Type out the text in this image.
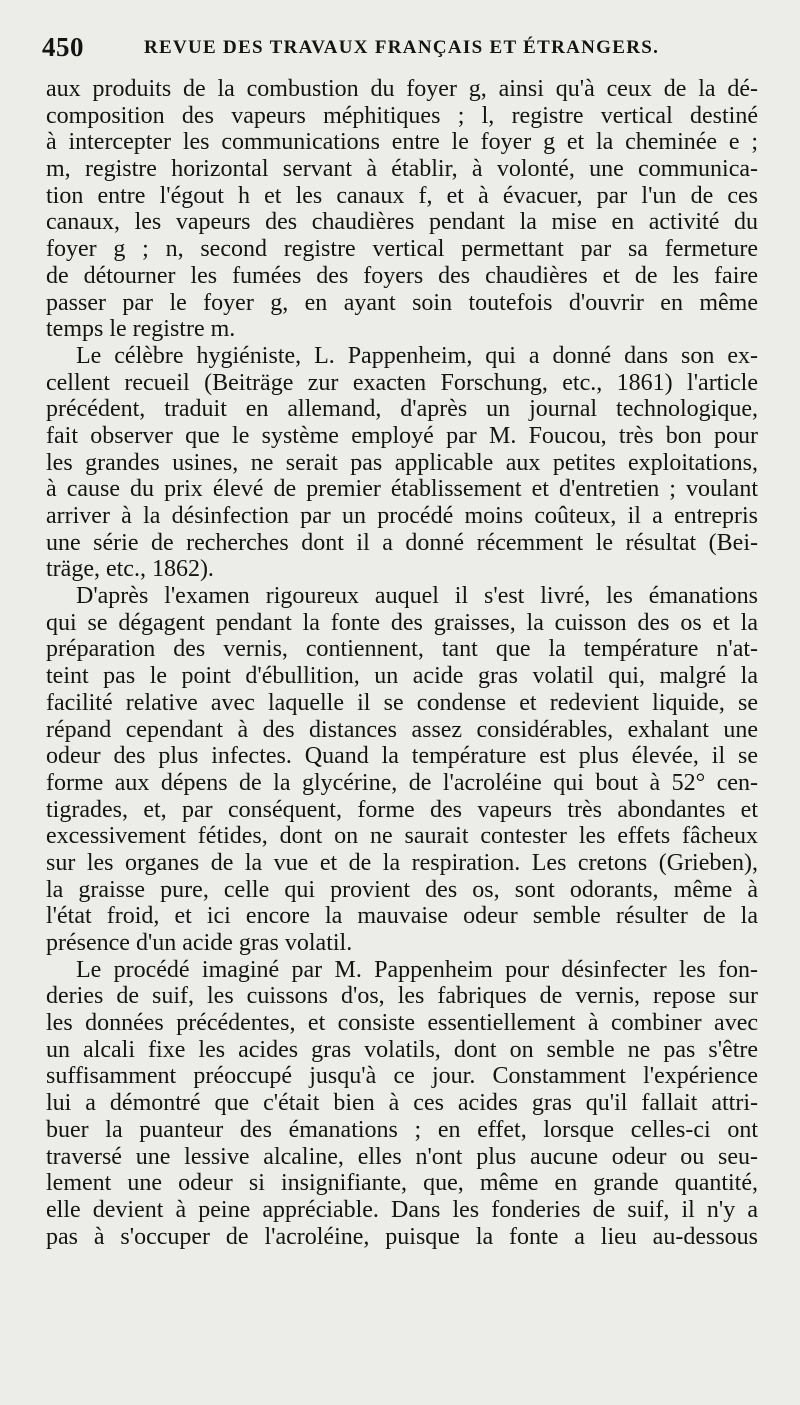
450	REVUE DES TRAVAUX FRANÇAIS ET ÉTRANGERS.
aux produits de la combustion du foyer g, ainsi qu'à ceux de la dé-
composition des vapeurs méphitiques ; l, registre vertical destiné
à intercepter les communications entre le foyer g et la cheminée e ;
m, registre horizontal servant à établir, à volonté, une communica-
tion entre l'égout h et les canaux f, et à évacuer, par l'un de ces
canaux, les vapeurs des chaudières pendant la mise en activité du
foyer g ; n, second registre vertical permettant par sa fermeture
de détourner les fumées des foyers des chaudières et de les faire
passer par le foyer g, en ayant soin toutefois d'ouvrir en même
temps le registre m.
Le célèbre hygiéniste, L. Pappenheim, qui a donné dans son ex-
cellent recueil (Beiträge zur exacten Forschung, etc., 1861) l'article
précédent, traduit en allemand, d'après un journal technologique,
fait observer que le système employé par M. Foucou, très bon pour
les grandes usines, ne serait pas applicable aux petites exploitations,
à cause du prix élevé de premier établissement et d'entretien ; voulant
arriver à la désinfection par un procédé moins coûteux, il a entrepris
une série de recherches dont il a donné récemment le résultat (Bei-
träge, etc., 1862).
D'après l'examen rigoureux auquel il s'est livré, les émanations
qui se dégagent pendant la fonte des graisses, la cuisson des os et la
préparation des vernis, contiennent, tant que la température n'at-
teint pas le point d'ébullition, un acide gras volatil qui, malgré la
facilité relative avec laquelle il se condense et redevient liquide, se
répand cependant à des distances assez considérables, exhalant une
odeur des plus infectes. Quand la température est plus élevée, il se
forme aux dépens de la glycérine, de l'acroléine qui bout à 52° cen-
tigrades, et, par conséquent, forme des vapeurs très abondantes et
excessivement fétides, dont on ne saurait contester les effets fâcheux
sur les organes de la vue et de la respiration. Les cretons (Grieben),
la graisse pure, celle qui provient des os, sont odorants, même à
l'état froid, et ici encore la mauvaise odeur semble résulter de la
présence d'un acide gras volatil.
Le procédé imaginé par M. Pappenheim pour désinfecter les fon-
deries de suif, les cuissons d'os, les fabriques de vernis, repose sur
les données précédentes, et consiste essentiellement à combiner avec
un alcali fixe les acides gras volatils, dont on semble ne pas s'être
suffisamment préoccupé jusqu'à ce jour. Constamment l'expérience
lui a démontré que c'était bien à ces acides gras qu'il fallait attri-
buer la puanteur des émanations ; en effet, lorsque celles-ci ont
traversé une lessive alcaline, elles n'ont plus aucune odeur ou seu-
lement une odeur si insignifiante, que, même en grande quantité,
elle devient à peine appréciable. Dans les fonderies de suif, il n'y a
pas à s'occuper de l'acroléine, puisque la fonte a lieu au-dessous
